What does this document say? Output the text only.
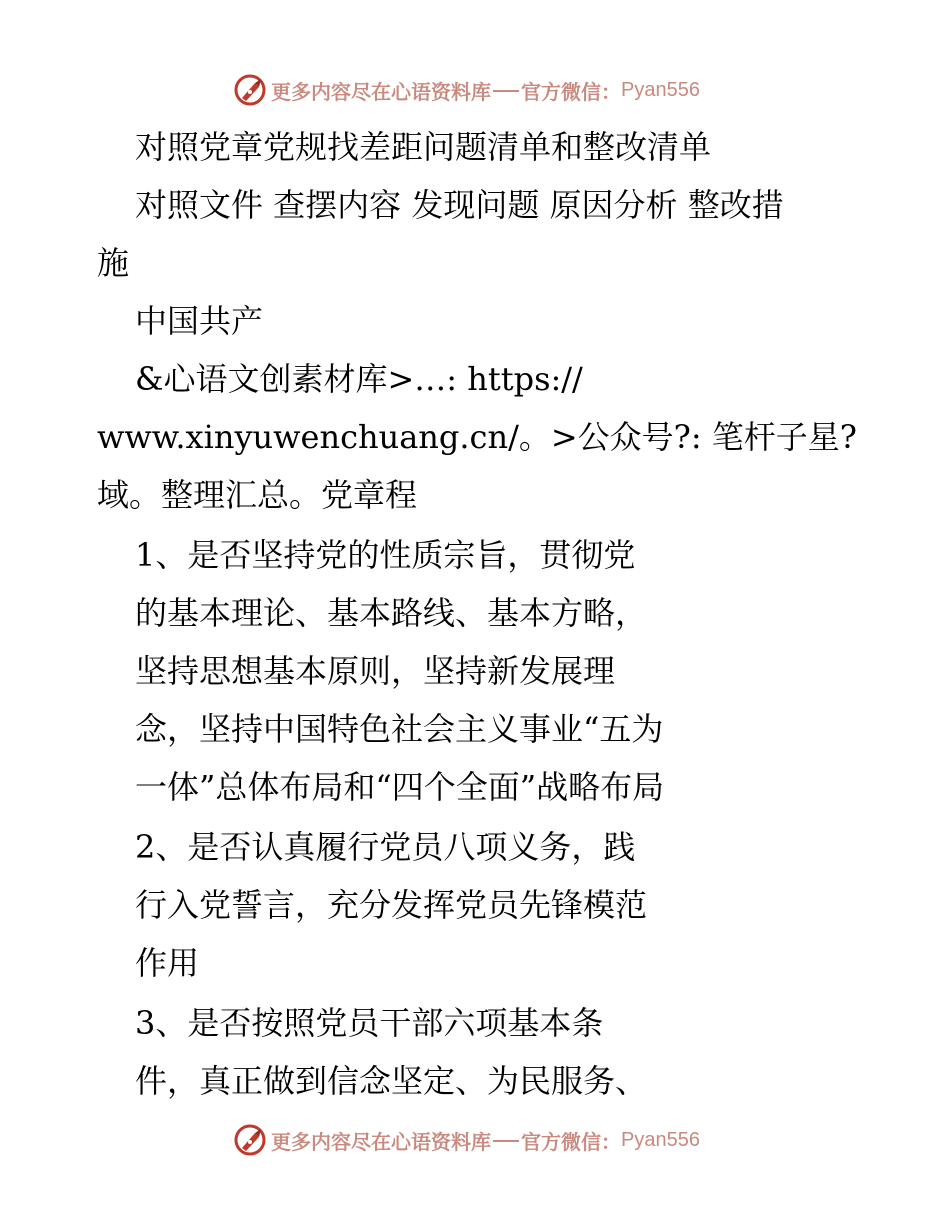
更多内容尽在心语资料库 官方微信： Pyan556
对照党章党规找差距问题清单和整改清单
对照文件 查摆内容 发现问题 原因分析 整改措
施
中国共产
&心语文创素材库>…: https://
www.xinyuwenchuang.cn/。>公众号?: 笔杆子星?
域。整理汇总。党章程
1、是否坚持党的性质宗旨，贯彻党
的基本理论、基本路线、基本方略，
坚持思想基本原则，坚持新发展理
念，坚持中国特色社会主义事业“五为
一体”总体布局和“四个全面”战略布局
2、是否认真履行党员八项义务，践
行入党誓言，充分发挥党员先锋模范
作用
3、是否按照党员干部六项基本条
件，真正做到信念坚定、为民服务、
更多内容尽在心语资料库 官方微信： Pyan556
